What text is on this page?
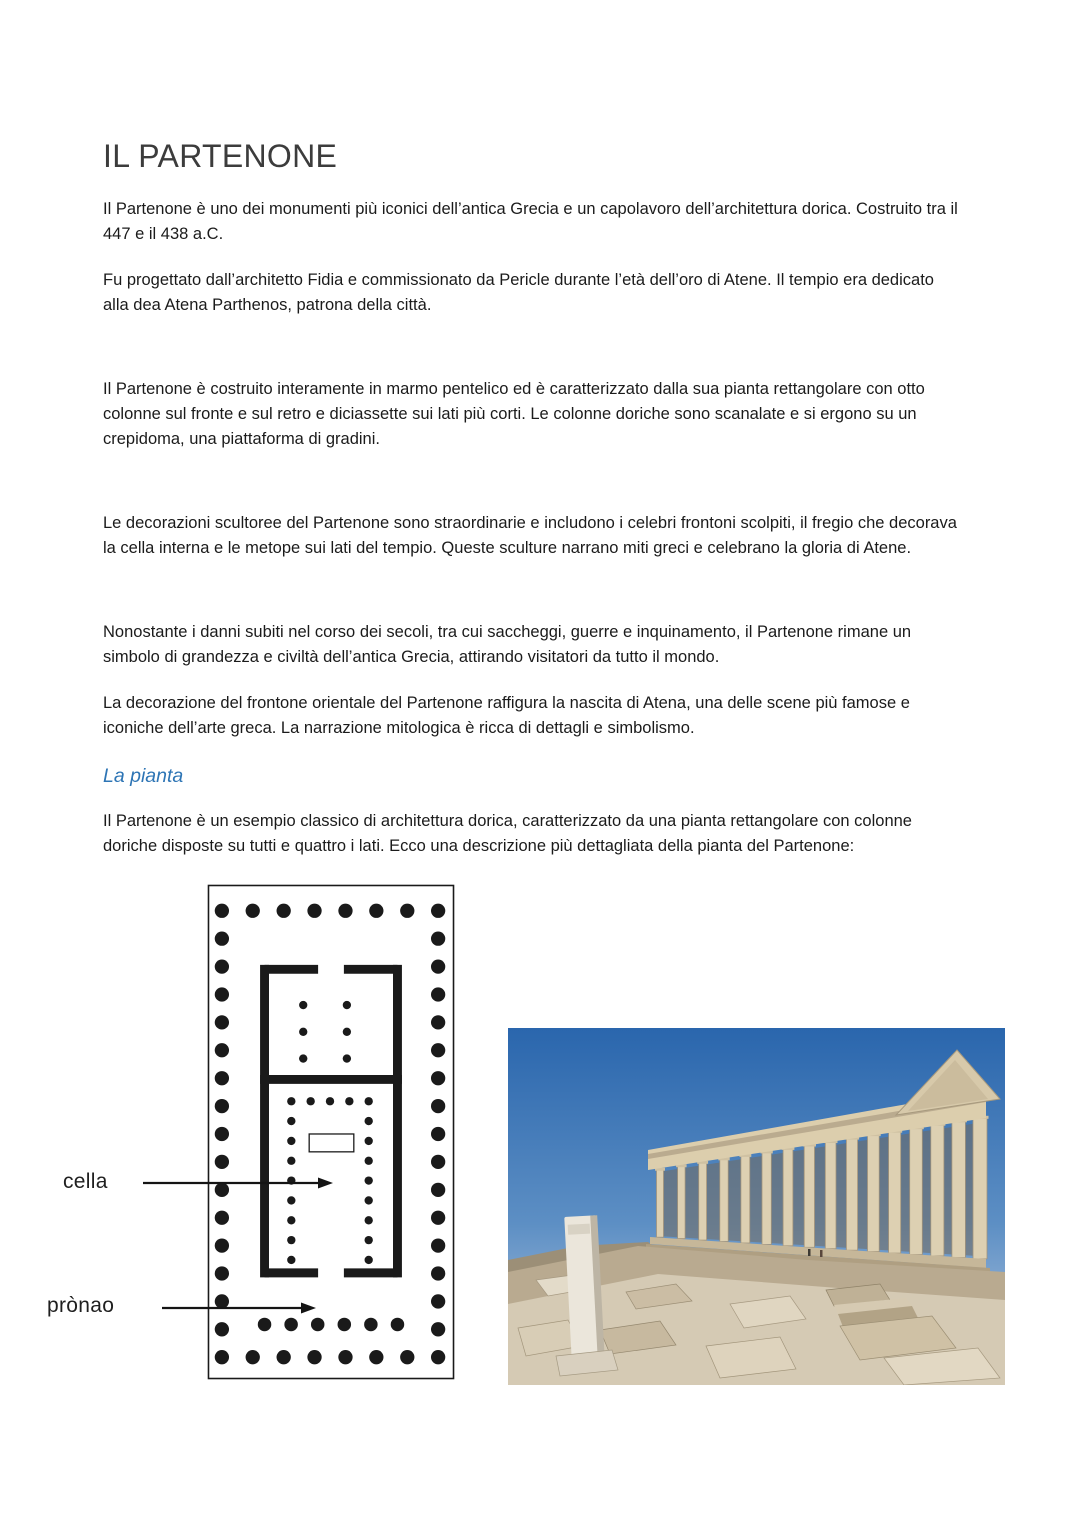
IL PARTENONE

Il Partenone è uno dei monumenti più iconici dell’antica Grecia e un capolavoro dell’architettura dorica. Costruito tra il 447 e il 438 a.C.

Fu progettato dall’architetto Fidia e commissionato da Pericle durante l’età dell’oro di Atene. Il tempio era dedicato alla dea Atena Parthenos, patrona della città.

Il Partenone è costruito interamente in marmo pentelico ed è caratterizzato dalla sua pianta rettangolare con otto colonne sul fronte e sul retro e diciassette sui lati più corti. Le colonne doriche sono scanalate e si ergono su un crepidoma, una piattaforma di gradini.

Le decorazioni scultoree del Partenone sono straordinarie e includono i celebri frontoni scolpiti, il fregio che decorava la cella interna e le metope sui lati del tempio. Queste sculture narrano miti greci e celebrano la gloria di Atene.

Nonostante i danni subiti nel corso dei secoli, tra cui saccheggi, guerre e inquinamento, il Partenone rimane un simbolo di grandezza e civiltà dell’antica Grecia, attirando visitatori da tutto il mondo.

La decorazione del frontone orientale del Partenone raffigura la nascita di Atena, una delle scene più famose e iconiche dell’arte greca. La narrazione mitologica è ricca di dettagli e simbolismo.

La pianta

Il Partenone è un esempio classico di architettura dorica, caratterizzato da una pianta rettangolare con colonne doriche disposte su tutti e quattro i lati. Ecco una descrizione più dettagliata della pianta del Partenone:

cella
prònao
